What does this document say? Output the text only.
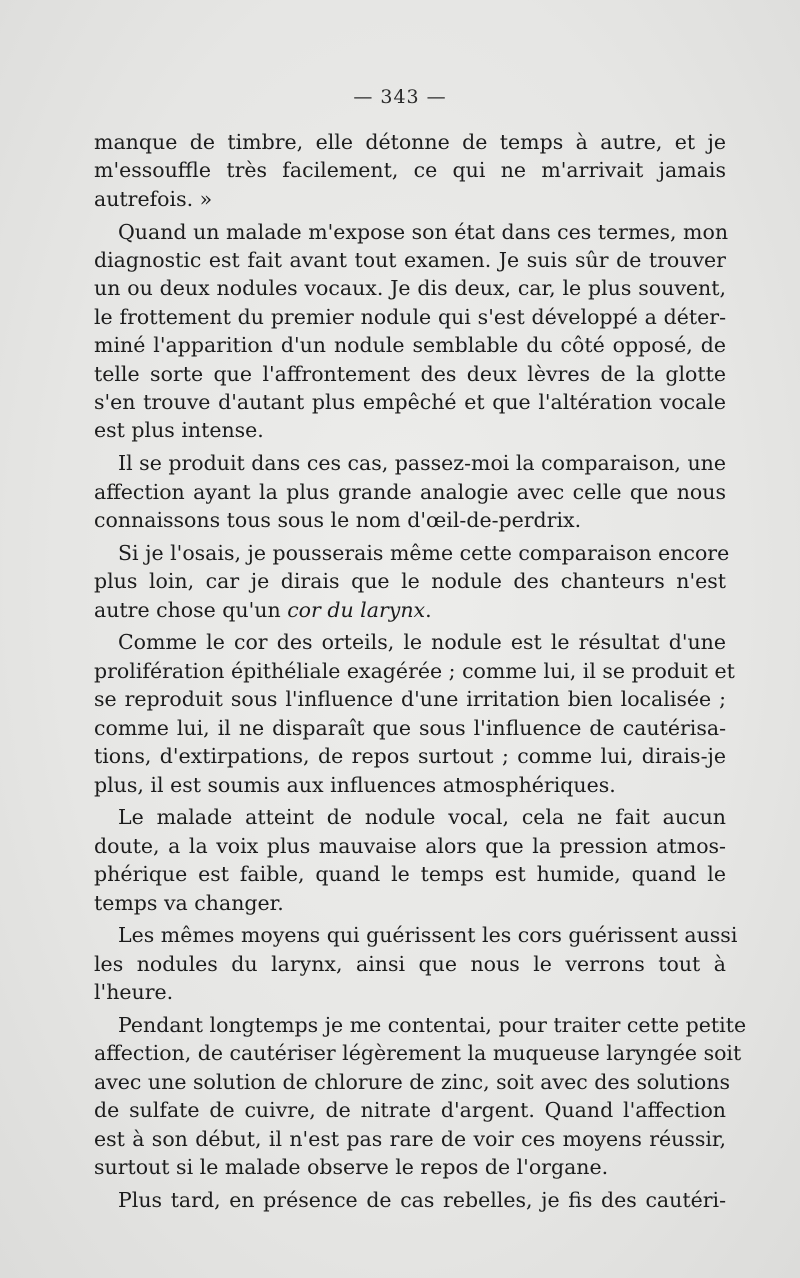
— 343 —

manque de timbre, elle détonne de temps à autre, et je
m'essouffle très facilement, ce qui ne m'arrivait jamais
autrefois. »

Quand un malade m'expose son état dans ces termes, mon
diagnostic est fait avant tout examen. Je suis sûr de trouver
un ou deux nodules vocaux. Je dis deux, car, le plus souvent,
le frottement du premier nodule qui s'est développé a déter-
miné l'apparition d'un nodule semblable du côté opposé, de
telle sorte que l'affrontement des deux lèvres de la glotte
s'en trouve d'autant plus empêché et que l'altération vocale
est plus intense.

Il se produit dans ces cas, passez-moi la comparaison, une
affection ayant la plus grande analogie avec celle que nous
connaissons tous sous le nom d'œil-de-perdrix.

Si je l'osais, je pousserais même cette comparaison encore
plus loin, car je dirais que le nodule des chanteurs n'est
autre chose qu'un cor du larynx.

Comme le cor des orteils, le nodule est le résultat d'une
prolifération épithéliale exagérée ; comme lui, il se produit et
se reproduit sous l'influence d'une irritation bien localisée ;
comme lui, il ne disparaît que sous l'influence de cautérisa-
tions, d'extirpations, de repos surtout ; comme lui, dirais-je
plus, il est soumis aux influences atmosphériques.

Le malade atteint de nodule vocal, cela ne fait aucun
doute, a la voix plus mauvaise alors que la pression atmos-
phérique est faible, quand le temps est humide, quand le
temps va changer.

Les mêmes moyens qui guérissent les cors guérissent aussi
les nodules du larynx, ainsi que nous le verrons tout à
l'heure.

Pendant longtemps je me contentai, pour traiter cette petite
affection, de cautériser légèrement la muqueuse laryngée soit
avec une solution de chlorure de zinc, soit avec des solutions
de sulfate de cuivre, de nitrate d'argent. Quand l'affection
est à son début, il n'est pas rare de voir ces moyens réussir,
surtout si le malade observe le repos de l'organe.

Plus tard, en présence de cas rebelles, je fis des cautéri-
